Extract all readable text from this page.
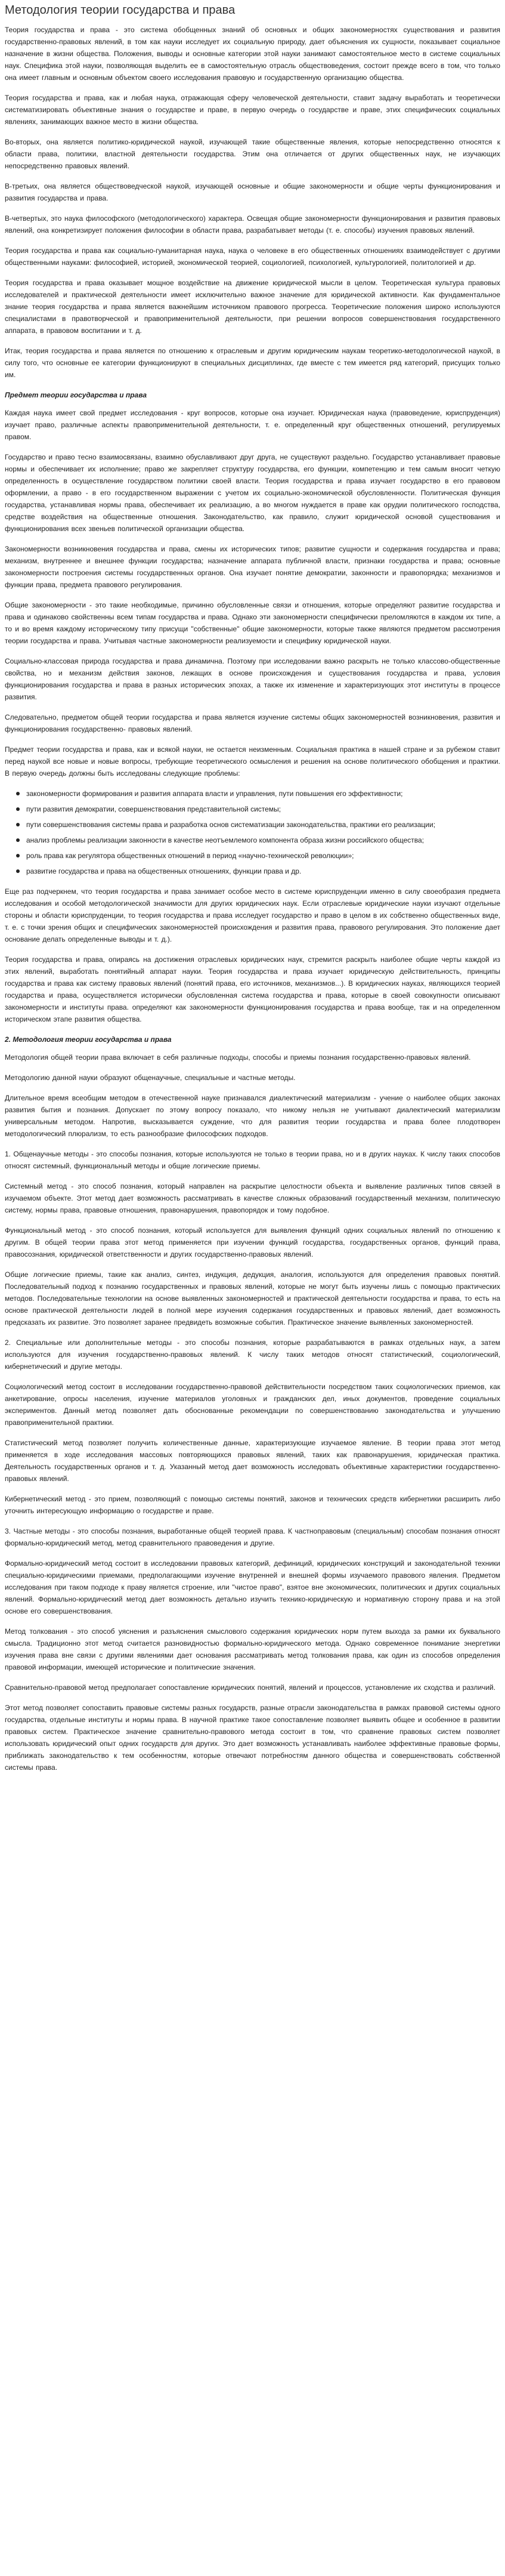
Методология теории государства и права

Теория государства и права - это система обобщенных знаний об основных и общих закономерностях существования и развития государственно-правовых явлений, в том как науки исследует их социальную природу, дает объяснения их сущности, показывает социальное назначение в жизни общества. Положения, выводы и основные категории этой науки занимают самостоятельное место в системе социальных наук. Специфика этой науки, позволяющая выделить ее в самостоятельную отрасль обществоведения, состоит прежде всего в том, что только она имеет главным и основным объектом своего исследования правовую и государственную организацию общества.

Теория государства и права, как и любая наука, отражающая сферу человеческой деятельности, ставит задачу выработать и теоретически систематизировать объективные знания о государстве и праве, в первую очередь о государстве и праве, этих специфических социальных явлениях, занимающих важное место в жизни общества.

Во-вторых, она является политико-юридической наукой, изучающей такие общественные явления, которые непосредственно относятся к области права, политики, властной деятельности государства. Этим она отличается от других общественных наук, не изучающих непосредственно правовых явлений.

В-третьих, она является обществоведческой наукой, изучающей основные и общие закономерности и общие черты функционирования и развития государства и права.

В-четвертых, это наука философского (методологического) характера. Освещая общие закономерности функционирования и развития правовых явлений, она конкретизирует положения философии в области права, разрабатывает методы (т. е. способы) изучения правовых явлений.

Теория государства и права как социально-гуманитарная наука, наука о человеке в его общественных отношениях взаимодействует с другими общественными науками: философией, историей, экономической теорией, социологией, психологией, культурологией, политологией и др.

Теория государства и права оказывает мощное воздействие на движение юридической мысли в целом. Теоретическая культура правовых исследователей и практической деятельности имеет исключительно важное значение для юридической активности. Как фундаментальное знание теория государства и права является важнейшим источником правового прогресса. Теоретические положения широко используются специалистами в правотворческой и правоприменительной деятельности, при решении вопросов совершенствования государственного аппарата, в правовом воспитании и т. д.

Итак, теория государства и права является по отношению к отраслевым и другим юридическим наукам теоретико-методологической наукой, в силу того, что основные ее категории функционируют в специальных дисциплинах, где вместе с тем имеется ряд категорий, присущих только им.

Предмет теории государства и права

Каждая наука имеет свой предмет исследования - круг вопросов, которые она изучает. Юридическая наука (правоведение, юриспруденция) изучает право, различные аспекты правоприменительной деятельности, т. е. определенный круг общественных отношений, регулируемых правом.

Государство и право тесно взаимосвязаны, взаимно обуславливают друг друга, не существуют раздельно. Государство устанавливает правовые нормы и обеспечивает их исполнение; право же закрепляет структуру государства, его функции, компетенцию и тем самым вносит четкую определенность в осуществление государством политики своей власти. Теория государства и права изучает государство в его правовом оформлении, а право - в его государственном выражении с учетом их социально-экономической обусловленности. Политическая функция государства, устанавливая нормы права, обеспечивает их реализацию, а во многом нуждается в праве как орудии политического господства, средстве воздействия на общественные отношения. Законодательство, как правило, служит юридической основой существования и функционирования всех звеньев политической организации общества.

Закономерности возникновения государства и права, смены их исторических типов; развитие сущности и содержания государства и права; механизм, внутреннее и внешнее функции государства; назначение аппарата публичной власти, признаки государства и права; основные закономерности построения системы государственных органов. Она изучает понятие демократии, законности и правопорядка; механизмов и функции права, предмета правового регулирования.

Общие закономерности - это такие необходимые, причинно обусловленные связи и отношения, которые определяют развитие государства и права и одинаково свойственны всем типам государства и права. Однако эти закономерности специфически преломляются в каждом их типе, а то и во время каждому историческому типу присущи "собственные" общие закономерности, которые также являются предметом рассмотрения теории государства и права. Учитывая частные закономерности реализуемости и специфику юридической науки.

Социально-классовая природа государства и права динамична. Поэтому при исследовании важно раскрыть не только классово-общественные свойства, но и механизм действия законов, лежащих в основе происхождения и существования государства и права, условия функционирования государства и права в разных исторических эпохах, а также их изменение и характеризующих этот институты в процессе развития.

Следовательно, предметом общей теории государства и права является изучение системы общих закономерностей возникновения, развития и функционирования государственно- правовых явлений.

Предмет теории государства и права, как и всякой науки, не остается неизменным. Социальная практика в нашей стране и за рубежом ставит перед наукой все новые и новые вопросы, требующие теоретического осмысления и решения на основе политического обобщения и практики. В первую очередь должны быть исследованы следующие проблемы:

закономерности формирования и развития аппарата власти и управления, пути повышения его эффективности;
пути развития демократии, совершенствования представительной системы;
пути совершенствования системы права и разработка основ систематизации законодательства, практики его реализации;
анализ проблемы реализации законности в качестве неотъемлемого компонента образа жизни российского общества;
роль права как регулятора общественных отношений в период «научно-технической революции»;
развитие государства и права на общественных отношениях, функции права и др.

Еще раз подчеркнем, что теория государства и права занимает особое место в системе юриспруденции именно в силу своеобразия предмета исследования и особой методологической значимости для других юридических наук. Если отраслевые юридические науки изучают отдельные стороны и области юриспруденции, то теория государства и права исследует государство и право в целом в их собственно общественных виде, т. е. с точки зрения общих и специфических закономерностей происхождения и развития права, правового регулирования. Это положение дает основание делать определенные выводы и т. д.).

Теория государства и права, опираясь на достижения отраслевых юридических наук, стремится раскрыть наиболее общие черты каждой из этих явлений, выработать понятийный аппарат науки. Теория государства и права изучает юридическую действительность, принципы государства и права как систему правовых явлений (понятий права, его источников, механизмов...). В юридических науках, являющихся теорией государства и права, осуществляется исторически обусловленная система государства и права, которые в своей совокупности описывают закономерности и институты права. определяют как закономерности функционирования государства и права вообще, так и на определенном историческом этапе развития общества.

2. Методология теории государства и права

Методология общей теории права включает в себя различные подходы, способы и приемы познания государственно-правовых явлений.

Методологию данной науки образуют общенаучные, специальные и частные методы.

Длительное время всеобщим методом в отечественной науке признавался диалектический материализм - учение о наиболее общих законах развития бытия и познания. Допускает по этому вопросу показало, что никому нельзя не учитывают диалектический материализм универсальным методом. Напротив, высказывается суждение, что для развития теории государства и права более плодотворен методологический плюрализм, то есть разнообразие философских подходов.

1. Общенаучные методы - это способы познания, которые используются не только в теории права, но и в других науках. К числу таких способов относят системный, функциональный методы и общие логические приемы.

Системный метод - это способ познания, который направлен на раскрытие целостности объекта и выявление различных типов связей в изучаемом объекте. Этот метод дает возможность рассматривать в качестве сложных образований государственный механизм, политическую систему, нормы права, правовые отношения, правонарушения, правопорядок и тому подобное.

Функциональный метод - это способ познания, который используется для выявления функций одних социальных явлений по отношению к другим. В общей теории права этот метод применяется при изучении функций государства, государственных органов, функций права, правосознания, юридической ответственности и других государственно-правовых явлений.

Общие логические приемы, такие как анализ, синтез, индукция, дедукция, аналогия, используются для определения правовых понятий. Последовательный подход к познанию государственных и правовых явлений, которые не могут быть изучены лишь с помощью практических методов. Последовательные технологии на основе выявленных закономерностей и практической деятельности государства и права, то есть на основе практической деятельности людей в полной мере изучения содержания государственных и правовых явлений, дает возможность предсказать их развитие. Это позволяет заранее предвидеть возможные события. Практическое значение выявленных закономерностей.

2. Специальные или дополнительные методы - это способы познания, которые разрабатываются в рамках отдельных наук, а затем используются для изучения государственно-правовых явлений. К числу таких методов относят статистический, социологический, кибернетический и другие методы.

Социологический метод состоит в исследовании государственно-правовой действительности посредством таких социологических приемов, как анкетирование, опросы населения, изучение материалов уголовных и гражданских дел, иных документов, проведение социальных экспериментов. Данный метод позволяет дать обоснованные рекомендации по совершенствованию законодательства и улучшению правоприменительной практики.

Статистический метод позволяет получить количественные данные, характеризующие изучаемое явление. В теории права этот метод применяется в ходе исследования массовых повторяющихся правовых явлений, таких как правонарушения, юридическая практика. Деятельность государственных органов и т. д. Указанный метод дает возможность исследовать объективные характеристики государственно-правовых явлений.

Кибернетический метод - это прием, позволяющий с помощью системы понятий, законов и технических средств кибернетики расширить либо уточнить интересующую информацию о государстве и праве.

3. Частные методы - это способы познания, выработанные общей теорией права. К частноправовым (специальным) способам познания относят формально-юридический метод, метод сравнительного правоведения и другие.

Формально-юридический метод состоит в исследовании правовых категорий, дефиниций, юридических конструкций и законодательной техники специально-юридическими приемами, предполагающими изучение внутренней и внешней формы изучаемого правового явления. Предметом исследования при таком подходе к праву является строение, или "чистое право", взятое вне экономических, политических и других социальных явлений. Формально-юридический метод дает возможность детально изучить технико-юридическую и нормативную сторону права и на этой основе его совершенствования.

Метод толкования - это способ уяснения и разъяснения смыслового содержания юридических норм путем выхода за рамки их буквального смысла. Традиционно этот метод считается разновидностью формально-юридического метода. Однако современное понимание энергетики изучения права вне связи с другими явлениями дает основания рассматривать метод толкования права, как один из способов определения правовой информации, имеющей исторические и политические значения.

Сравнительно-правовой метод предполагает сопоставление юридических понятий, явлений и процессов, установление их сходства и различий.

Этот метод позволяет сопоставить правовые системы разных государств, разные отрасли законодательства в рамках правовой системы одного государства, отдельные институты и нормы права. В научной практике такое сопоставление позволяет выявить общее и особенное в развитии правовых систем. Практическое значение сравнительно-правового метода состоит в том, что сравнение правовых систем позволяет использовать юридический опыт одних государств для других. Это дает возможность устанавливать наиболее эффективные правовые формы, приближать законодательство к тем особенностям, которые отвечают потребностям данного общества и совершенствовать собственной системы права.
